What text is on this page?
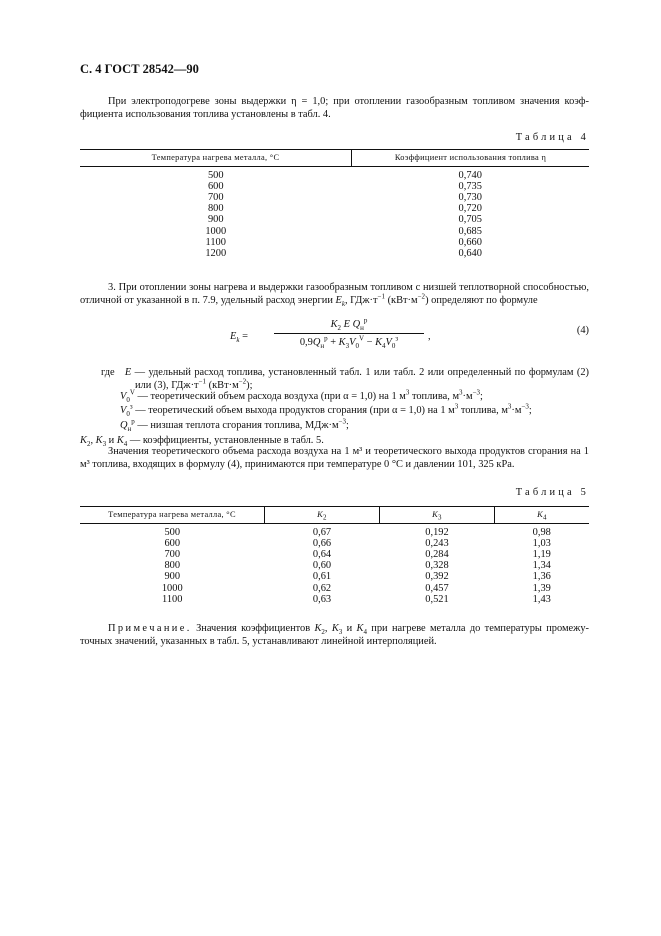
С. 4 ГОСТ 28542—90

При электроподогреве зоны выдержки η = 1,0; при отоплении газообразным топливом значения коэффициента использования топлива установлены в табл. 4.

Таблица 4
Температура нагрева металла, °С	Коэффициент использования топлива η
500	0,740
600	0,735
700	0,730
800	0,720
900	0,705
1000	0,685
1100	0,660
1200	0,640

3. При отоплении зоны нагрева и выдержки газообразным топливом с низшей теплотворной способностью, отличной от указанной в п. 7.9, удельный расход энергии $E_k$, $ГДж\cdot т^{-1}$ $(кВт\cdot м^{-2})$ определяют по формуле

$E_k$ =
$K_2$ E $Q_н^р$
$0,9Q_н^р + K_3V_0^V - K_4V_0^з$	,
(4)
где E — удельный расход топлива, установленный табл. 1 или табл. 2 или определенный по формулам (2) или (3), $ГДж\cdot т^{-1}$ $(кВт\cdot м^{-2})$;
$V_0^V$ — теоретический объем расхода воздуха (при α = 1,0) на 1 $м^3$ топлива, $м^3\cdot м^{-3}$;
$V_0^з$ — теоретический объем выхода продуктов сгорания (при α = 1,0) на 1 $м^3$ топлива, $м^3\cdot м^{-3}$;
$Q_н^р$ — низшая теплота сгорания топлива, $МДж\cdot м^{-3}$;
$K_2$, $K_3$ и $K_4$ — коэффициенты, установленные в табл. 5.

Значения теоретического объема расхода воздуха на 1 м³ и теоретического выхода продуктов сгорания на 1 м³ топлива, входящих в формулу (4), принимаются при температуре 0 °С и давлении 101, 325 кРа.

Таблица 5
Температура нагрева металла, °С	$K_2$	$K_3$	$K_4$
500	0,67	0,192	0,98
600	0,66	0,243	1,03
700	0,64	0,284	1,19
800	0,60	0,328	1,34
900	0,61	0,392	1,36
1000	0,62	0,457	1,39
1100	0,63	0,521	1,43

Примечание. Значения коэффициентов $K_2$, $K_3$ и $K_4$ при нагреве металла до температуры промежуточных значений, указанных в табл. 5, устанавливают линейной интерполяцией.
